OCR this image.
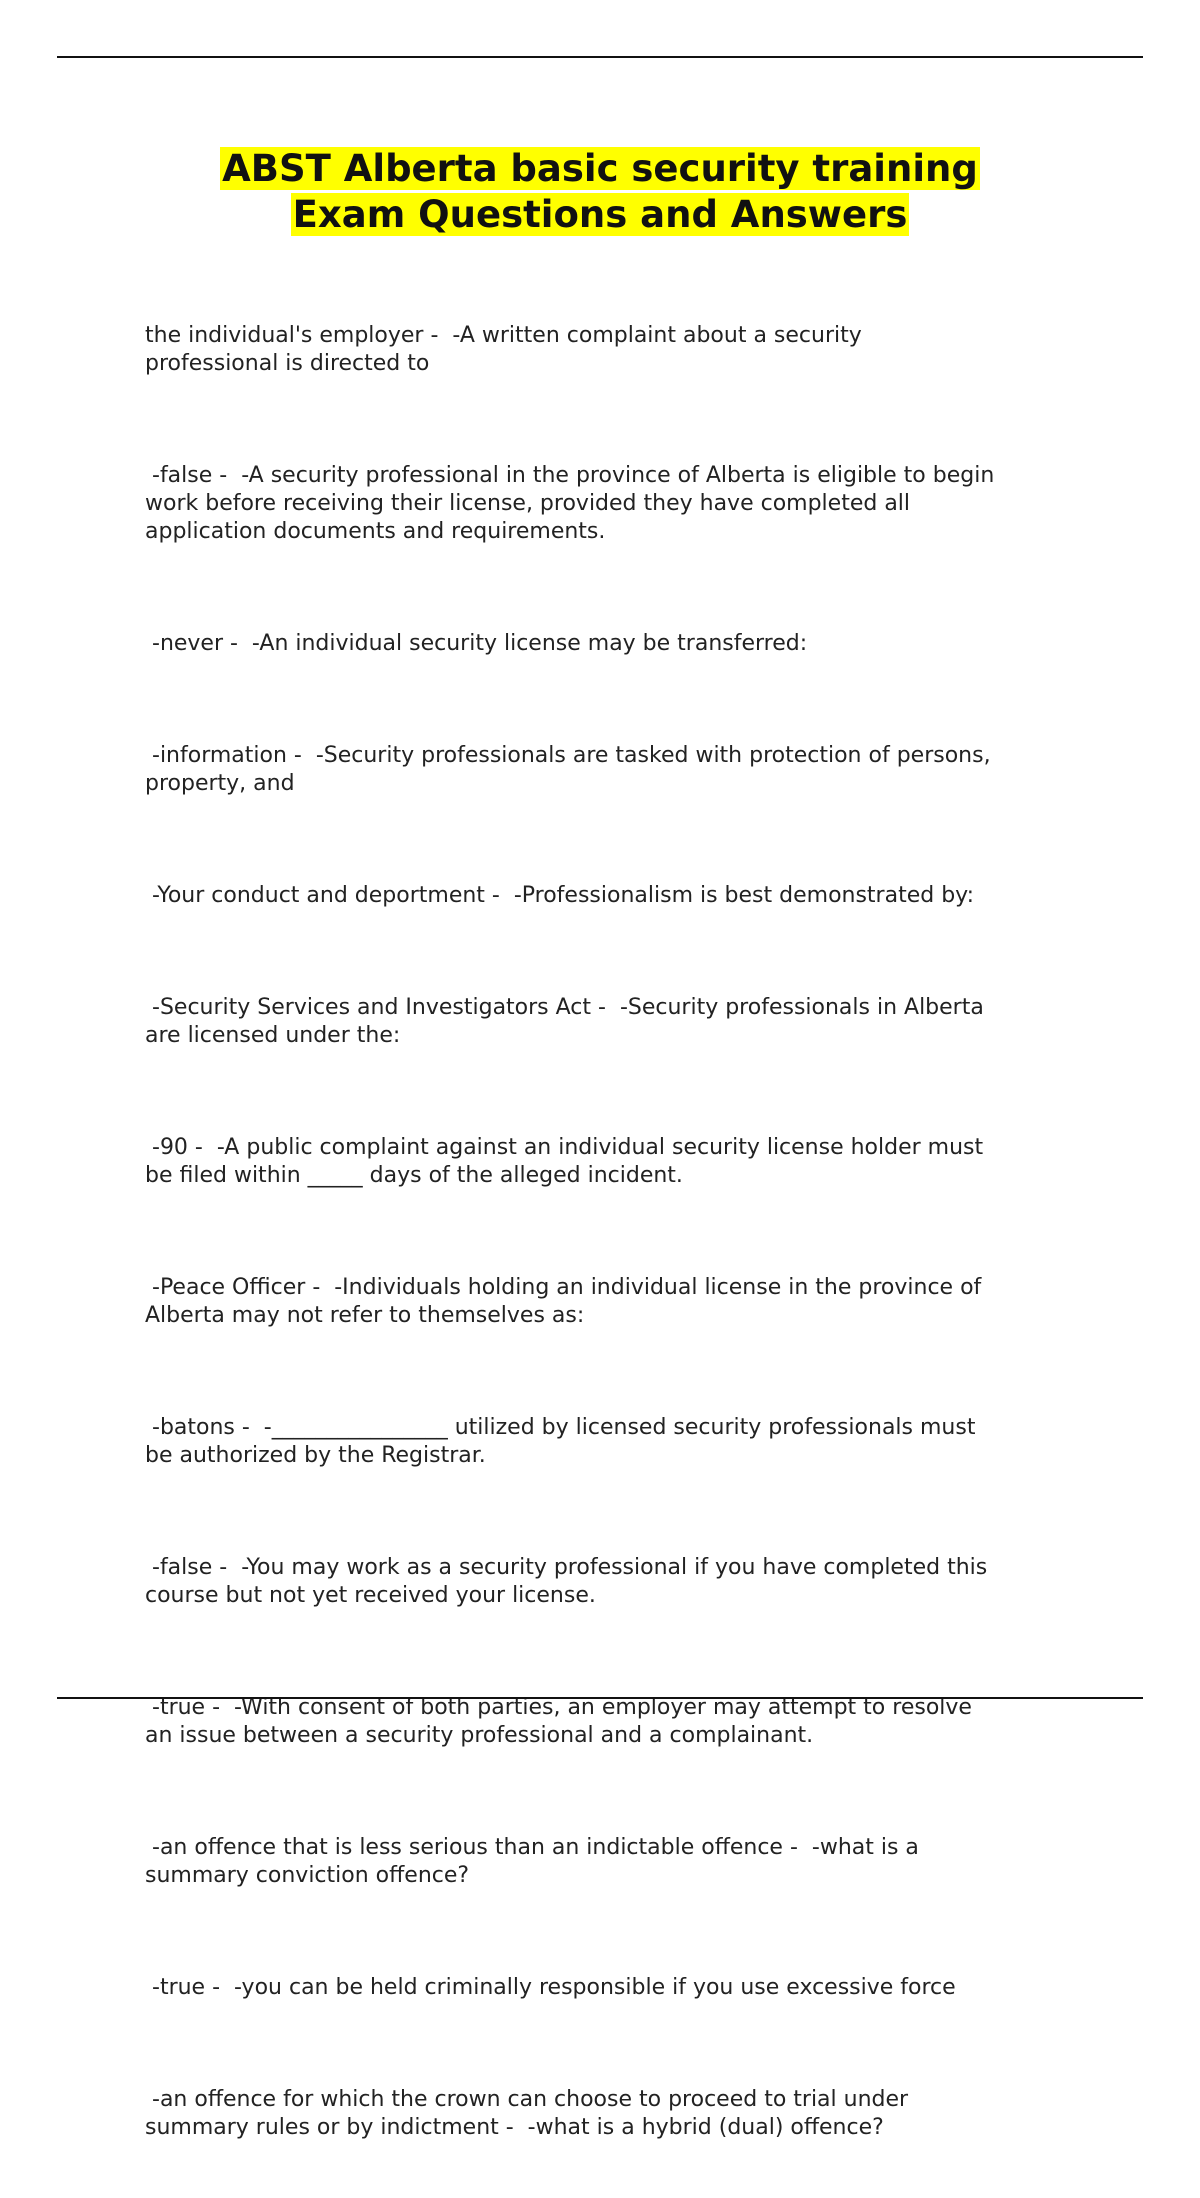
ABST Alberta basic security training
Exam Questions and Answers

the individual's employer -  -A written complaint about a security
professional is directed to

-false -  -A security professional in the province of Alberta is eligible to begin
work before receiving their license, provided they have completed all
application documents and requirements.

-never -  -An individual security license may be transferred:

-information -  -Security professionals are tasked with protection of persons,
property, and

-Your conduct and deportment -  -Professionalism is best demonstrated by:

-Security Services and Investigators Act -  -Security professionals in Alberta
are licensed under the:

-90 -  -A public complaint against an individual security license holder must
be filed within _____ days of the alleged incident.

-Peace Officer -  -Individuals holding an individual license in the province of
Alberta may not refer to themselves as:

-batons -  -________________ utilized by licensed security professionals must
be authorized by the Registrar.

-false -  -You may work as a security professional if you have completed this
course but not yet received your license.

-true -  -With consent of both parties, an employer may attempt to resolve
an issue between a security professional and a complainant.

-an offence that is less serious than an indictable offence -  -what is a
summary conviction offence?

-true -  -you can be held criminally responsible if you use excessive force

-an offence for which the crown can choose to proceed to trial under
summary rules or by indictment -  -what is a hybrid (dual) offence?
